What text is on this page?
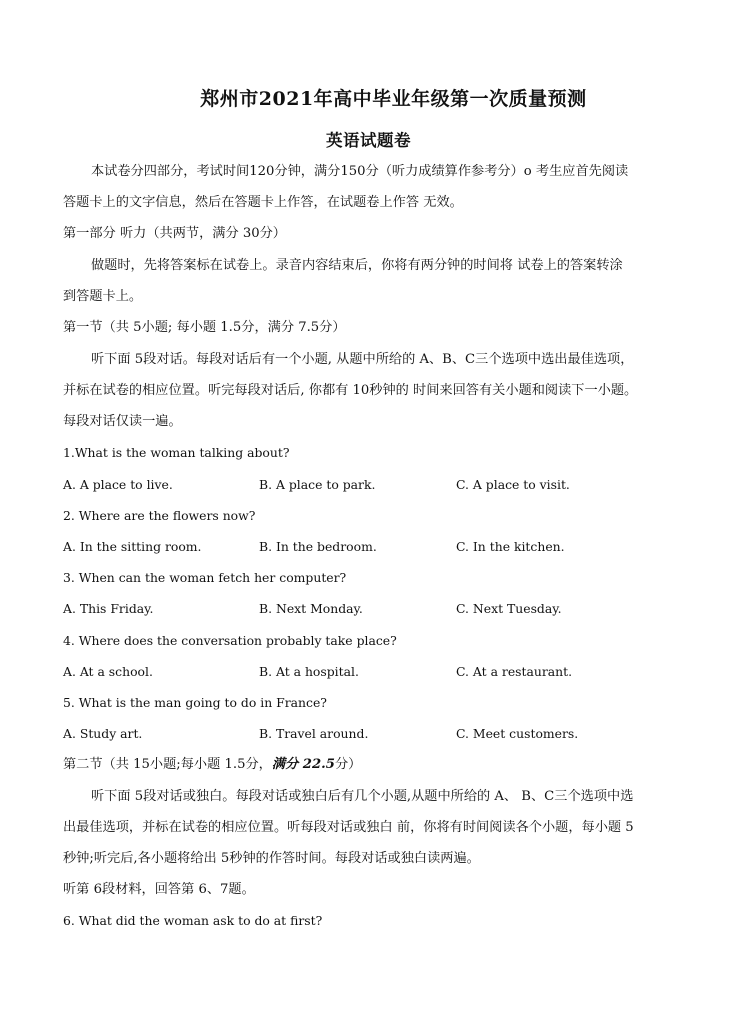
郑州市2021年高中毕业年级第一次质量预测
英语试题卷
本试卷分四部分，考试时间120分钟，满分150分（听力成绩算作参考分）o 考生应首先阅读
答题卡上的文字信息，然后在答题卡上作答，在试题卷上作答 无效。
第一部分 听力（共两节，满分 30分）
做题时，先将答案标在试卷上。录音内容结束后，你将有两分钟的时间将 试卷上的答案转涂
到答题卡上。
第一节（共 5小题; 每小题 1.5分，满分 7.5分）
听下面 5段对话。每段对话后有一个小题, 从题中所给的 A、B、C三个选项中选出最佳选项，
并标在试卷的相应位置。听完每段对话后, 你都有 10秒钟的 时间来回答有关小题和阅读下一小题。
每段对话仅读一遍。
1.What is the woman talking about?
A. A place to live.	B. A place to park.	C. A place to visit.
2. Where are the flowers now?
A. In the sitting room.	B. In the bedroom.	C. In the kitchen.
3. When can the woman fetch her computer?
A. This Friday.	B. Next Monday.	C. Next Tuesday.
4. Where does the conversation probably take place?
A. At a school.	B. At a hospital.	C. At a restaurant.
5. What is the man going to do in France?
A. Study art.	B. Travel around.	C. Meet customers.
第二节（共 15小题;每小题 1.5分，满分 22.5分）
听下面 5段对话或独白。每段对话或独白后有几个小题,从题中所给的 A、 B、C三个选项中选
出最佳选项，并标在试卷的相应位置。听每段对话或独白 前，你将有时间阅读各个小题，每小题 5
秒钟;听完后,各小题将给出 5秒钟的作答时间。每段对话或独白读两遍。
听第 6段材料，回答第 6、7题。
6. What did the woman ask to do at first?
